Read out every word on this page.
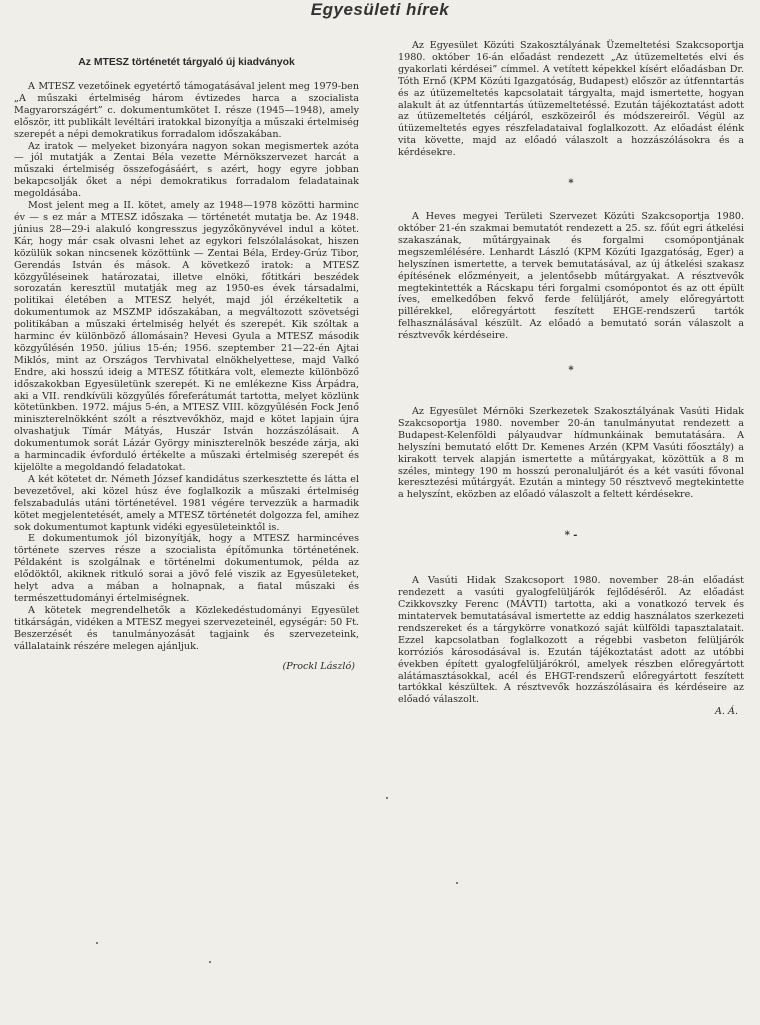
Egyesületi hírek
Az MTESZ történetét tárgyaló új kiadványok

A MTESZ vezetőinek egyetértő támogatásával jelent meg 1979-ben „A műszaki értelmiség három évtizedes harca a szocialista Magyarországért” c. dokumentumkötet I. része (1945—1948), amely először, itt publikált levéltári iratokkal bizonyítja a műszaki értelmiség szerepét a népi demokratikus forradalom időszakában.

Az iratok — melyeket bizonyára nagyon sokan megismertek azóta — jól mutatják a Zentai Béla vezette Mérnökszervezet harcát a műszaki értelmiség összefogásáért, s azért, hogy egyre jobban bekapcsolják őket a népi demokratikus forradalom feladatainak megoldásába.

Most jelent meg a II. kötet, amely az 1948—1978 közötti harminc év — s ez már a MTESZ időszaka — történetét mutatja be. Az 1948. június 28—29-i alakuló kongresszus jegyzőkönyvével indul a kötet. Kár, hogy már csak olvasni lehet az egykori felszólalásokat, hiszen közülük sokan nincsenek közöttünk — Zentai Béla, Erdey-Grúz Tibor, Gerendás István és mások. A következő iratok: a MTESZ közgyűléseinek határozatai, illetve elnöki, főtitkári beszédek sorozatán keresztül mutatják meg az 1950-es évek társadalmi, politikai életében a MTESZ helyét, majd jól érzékeltetik a dokumentumok az MSZMP időszakában, a megváltozott szövetségi politikában a műszaki értelmiség helyét és szerepét. Kik szóltak a harminc év különböző állomásain? Hevesi Gyula a MTESZ második közgyűlésén 1950. július 15-én; 1956. szeptember 21—22-én Ajtai Miklós, mint az Országos Tervhivatal elnökhelyettese, majd Valkó Endre, aki hosszú ideig a MTESZ főtitkára volt, elemezte különböző időszakokban Egyesületünk szerepét. Ki ne emlékezne Kiss Árpádra, aki a VII. rendkívüli közgyűlés főreferátumát tartotta, melyet közlünk kötetünkben. 1972. május 5-én, a MTESZ VIII. közgyűlésén Fock Jenő miniszterelnökként szólt a résztvevőkhöz, majd e kötet lapjain újra olvashatjuk Tímár Mátyás, Huszár István hozzászólásait. A dokumentumok sorát Lázár György miniszterelnök beszéde zárja, aki a harmincadik évforduló értékelte a műszaki értelmiség szerepét és kijelölte a megoldandó feladatokat.

A két kötetet dr. Németh József kandidátus szerkesztette és látta el bevezetővel, aki közel húsz éve foglalkozik a műszaki értelmiség felszabadulás utáni történetével. 1981 végére tervezzük a harmadik kötet megjelentetését, amely a MTESZ történetét dolgozza fel, amihez sok dokumentumot kaptunk vidéki egyesületeinktől is.

E dokumentumok jól bizonyítják, hogy a MTESZ harmincéves története szerves része a szocialista építőmunka történetének. Példaként is szolgálnak e történelmi dokumentumok, példa az elődöktől, akiknek ritkuló sorai a jövő felé viszik az Egyesületeket, helyt adva a mában a holnapnak, a fiatal műszaki és természettudományi értelmiségnek.

A kötetek megrendelhetők a Közlekedéstudományi Egyesület titkárságán, vidéken a MTESZ megyei szervezeteinél, egységár: 50 Ft. Beszerzését és tanulmányozását tagjaink és szervezeteink, vállalataink részére melegen ajánljuk.

(Prockl László)

Az Egyesület Közúti Szakosztályának Üzemeltetési Szakcsoportja 1980. október 16-án előadást rendezett „Az útüzemeltetés elvi és gyakorlati kérdései” címmel. A vetített képekkel kísért előadásban Dr. Tóth Ernő (KPM Közúti Igazgatóság, Budapest) először az útfenntartás és az útüzemeltetés kapcsolatait tárgyalta, majd ismertette, hogyan alakult át az útfenntartás útüzemeltetéssé. Ezután tájékoztatást adott az útüzemeltetés céljáról, eszközeiről és módszereiről. Végül az útüzemeltetés egyes részfeladataival foglalkozott. Az előadást élénk vita követte, majd az előadó válaszolt a hozzászólásokra és a kérdésekre.

*

A Heves megyei Területi Szervezet Közúti Szakcsoportja 1980. október 21-én szakmai bemutatót rendezett a 25. sz. főút egri átkelési szakaszának, műtárgyainak és forgalmi csomópontjának megszemlélésére. Lenhardt László (KPM Közúti Igazgatóság, Eger) a helyszínen ismertette, a tervek bemutatásával, az új átkelési szakasz építésének előzményeit, a jelentősebb műtárgyakat. A résztvevők megtekintették a Rácskapu téri forgalmi csomópontot és az ott épült íves, emelkedőben fekvő ferde felüljárót, amely előregyártott pillérekkel, előregyártott feszített EHGE-rendszerű tartók felhasználásával készült. Az előadó a bemutató során válaszolt a résztvevők kérdéseire.

*

Az Egyesület Mérnöki Szerkezetek Szakosztályának Vasúti Hidak Szakcsoportja 1980. november 20-án tanulmányutat rendezett a Budapest-Kelenföldi pályaudvar hídmunkáinak bemutatására. A helyszíni bemutató előtt Dr. Kemenes Arzén (KPM Vasúti főosztály) a kirakott tervek alapján ismertette a műtárgyakat, közöttük a 8 m széles, mintegy 190 m hosszú peronaluljárót és a két vasúti fővonal keresztezési műtárgyát. Ezután a mintegy 50 résztvevő megtekintette a helyszínt, eközben az előadó válaszolt a feltett kérdésekre.

* -

A Vasúti Hidak Szakcsoport 1980. november 28-án előadást rendezett a vasúti gyalogfelüljárók fejlődéséről. Az előadást Czikkovszky Ferenc (MÁVTI) tartotta, aki a vonatkozó tervek és mintatervek bemutatásával ismertette az eddig használatos szerkezeti rendszereket és a tárgykörre vonatkozó saját külföldi tapasztalatait. Ezzel kapcsolatban foglalkozott a régebbi vasbeton felüljárók korróziós károsodásával is. Ezután tájékoztatást adott az utóbbi években épített gyalogfelüljárókról, amelyek részben előregyártott alátámasztásokkal, acél és EHGT-rendszerű előregyártott feszített tartókkal készültek. A résztvevők hozzászólásaira és kérdéseire az előadó válaszolt.

A. Á.
